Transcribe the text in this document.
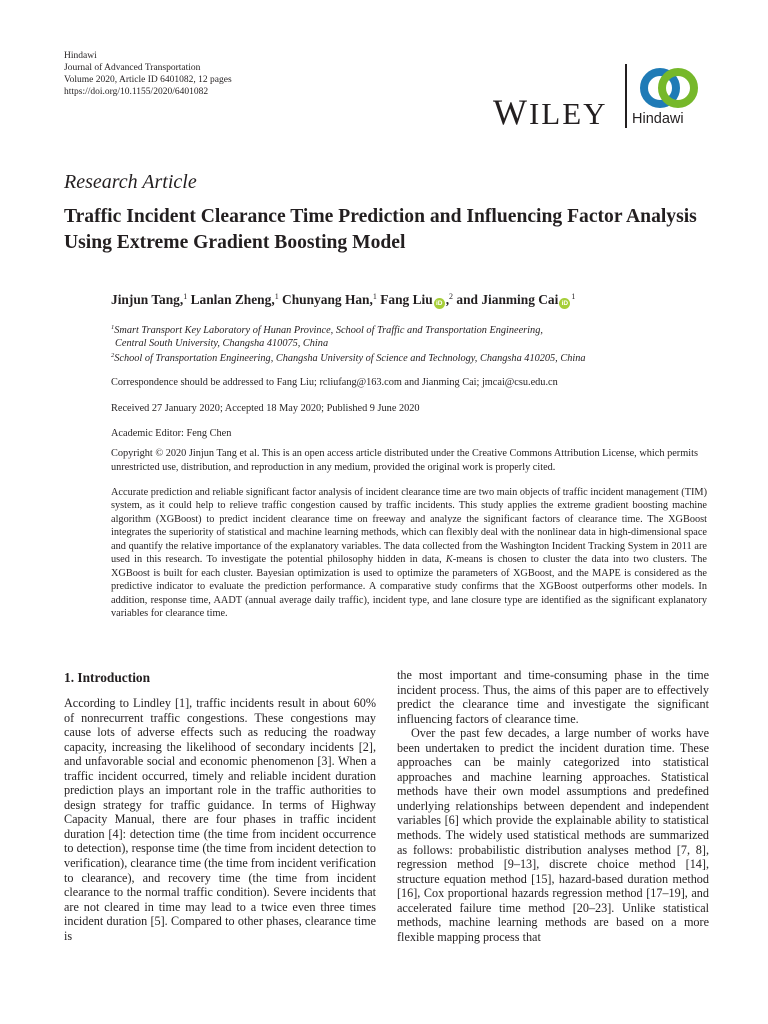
Hindawi
Journal of Advanced Transportation
Volume 2020, Article ID 6401082, 12 pages
https://doi.org/10.1155/2020/6401082	WILEY Hindawi
Research Article
Traffic Incident Clearance Time Prediction and Influencing Factor Analysis Using Extreme Gradient Boosting Model
Jinjun Tang,$^1$ Lanlan Zheng,$^1$ Chunyang Han,$^1$ Fang Liu iD ,$^2$ and Jianming Cai $iD^1$
$^1$Smart Transport Key Laboratory of Hunan Province, School of Traffic and Transportation Engineering,
Central South University, Changsha 410075, China
$^2$School of Transportation Engineering, Changsha University of Science and Technology, Changsha 410205, China
Correspondence should be addressed to Fang Liu; rcliufang@163.com and Jianming Cai; jmcai@csu.edu.cn
Received 27 January 2020; Accepted 18 May 2020; Published 9 June 2020
Academic Editor: Feng Chen
Copyright © 2020 Jinjun Tang et al. This is an open access article distributed under the Creative Commons Attribution License, which permits unrestricted use, distribution, and reproduction in any medium, provided the original work is properly cited.
Accurate prediction and reliable significant factor analysis of incident clearance time are two main objects of traffic incident management (TIM) system, as it could help to relieve traffic congestion caused by traffic incidents. This study applies the extreme gradient boosting machine algorithm (XGBoost) to predict incident clearance time on freeway and analyze the significant factors of clearance time. The XGBoost integrates the superiority of statistical and machine learning methods, which can flexibly deal with the nonlinear data in high-dimensional space and quantify the relative importance of the explanatory variables. The data collected from the Washington Incident Tracking System in 2011 are used in this research. To investigate the potential philosophy hidden in data, K-means is chosen to cluster the data into two clusters. The XGBoost is built for each cluster. Bayesian optimization is used to optimize the parameters of XGBoost, and the MAPE is considered as the predictive indicator to evaluate the prediction performance. A comparative study confirms that the XGBoost outperforms other models. In addition, response time, AADT (annual average daily traffic), incident type, and lane closure type are identified as the significant explanatory variables for clearance time.
1. Introduction

According to Lindley [1], traffic incidents result in about 60% of nonrecurrent traffic congestions. These congestions may cause lots of adverse effects such as reducing the roadway capacity, increasing the likelihood of secondary incidents [2], and unfavorable social and economic phenomenon [3]. When a traffic incident occurred, timely and reliable incident duration prediction plays an important role in the traffic authorities to design strategy for traffic guidance. In terms of Highway Capacity Manual, there are four phases in traffic incident duration [4]: detection time (the time from incident occurrence to detection), response time (the time from incident detection to verification), clearance time (the time from incident verification to clearance), and recovery time (the time from incident clearance to the normal traffic condition). Severe incidents that are not cleared in time may lead to a twice even three times incident duration [5]. Compared to other phases, clearance time is

the most important and time-consuming phase in the time incident process. Thus, the aims of this paper are to effectively predict the clearance time and investigate the significant influencing factors of clearance time.

Over the past few decades, a large number of works have been undertaken to predict the incident duration time. These approaches can be mainly categorized into statistical approaches and machine learning approaches. Statistical methods have their own model assumptions and predefined underlying relationships between dependent and independent variables [6] which provide the explainable ability to statistical methods. The widely used statistical methods are summarized as follows: probabilistic distribution analyses method [7, 8], regression method [9–13], discrete choice method [14], structure equation method [15], hazard-based duration method [16], Cox proportional hazards regression method [17–19], and accelerated failure time method [20–23]. Unlike statistical methods, machine learning methods are based on a more flexible mapping process that
